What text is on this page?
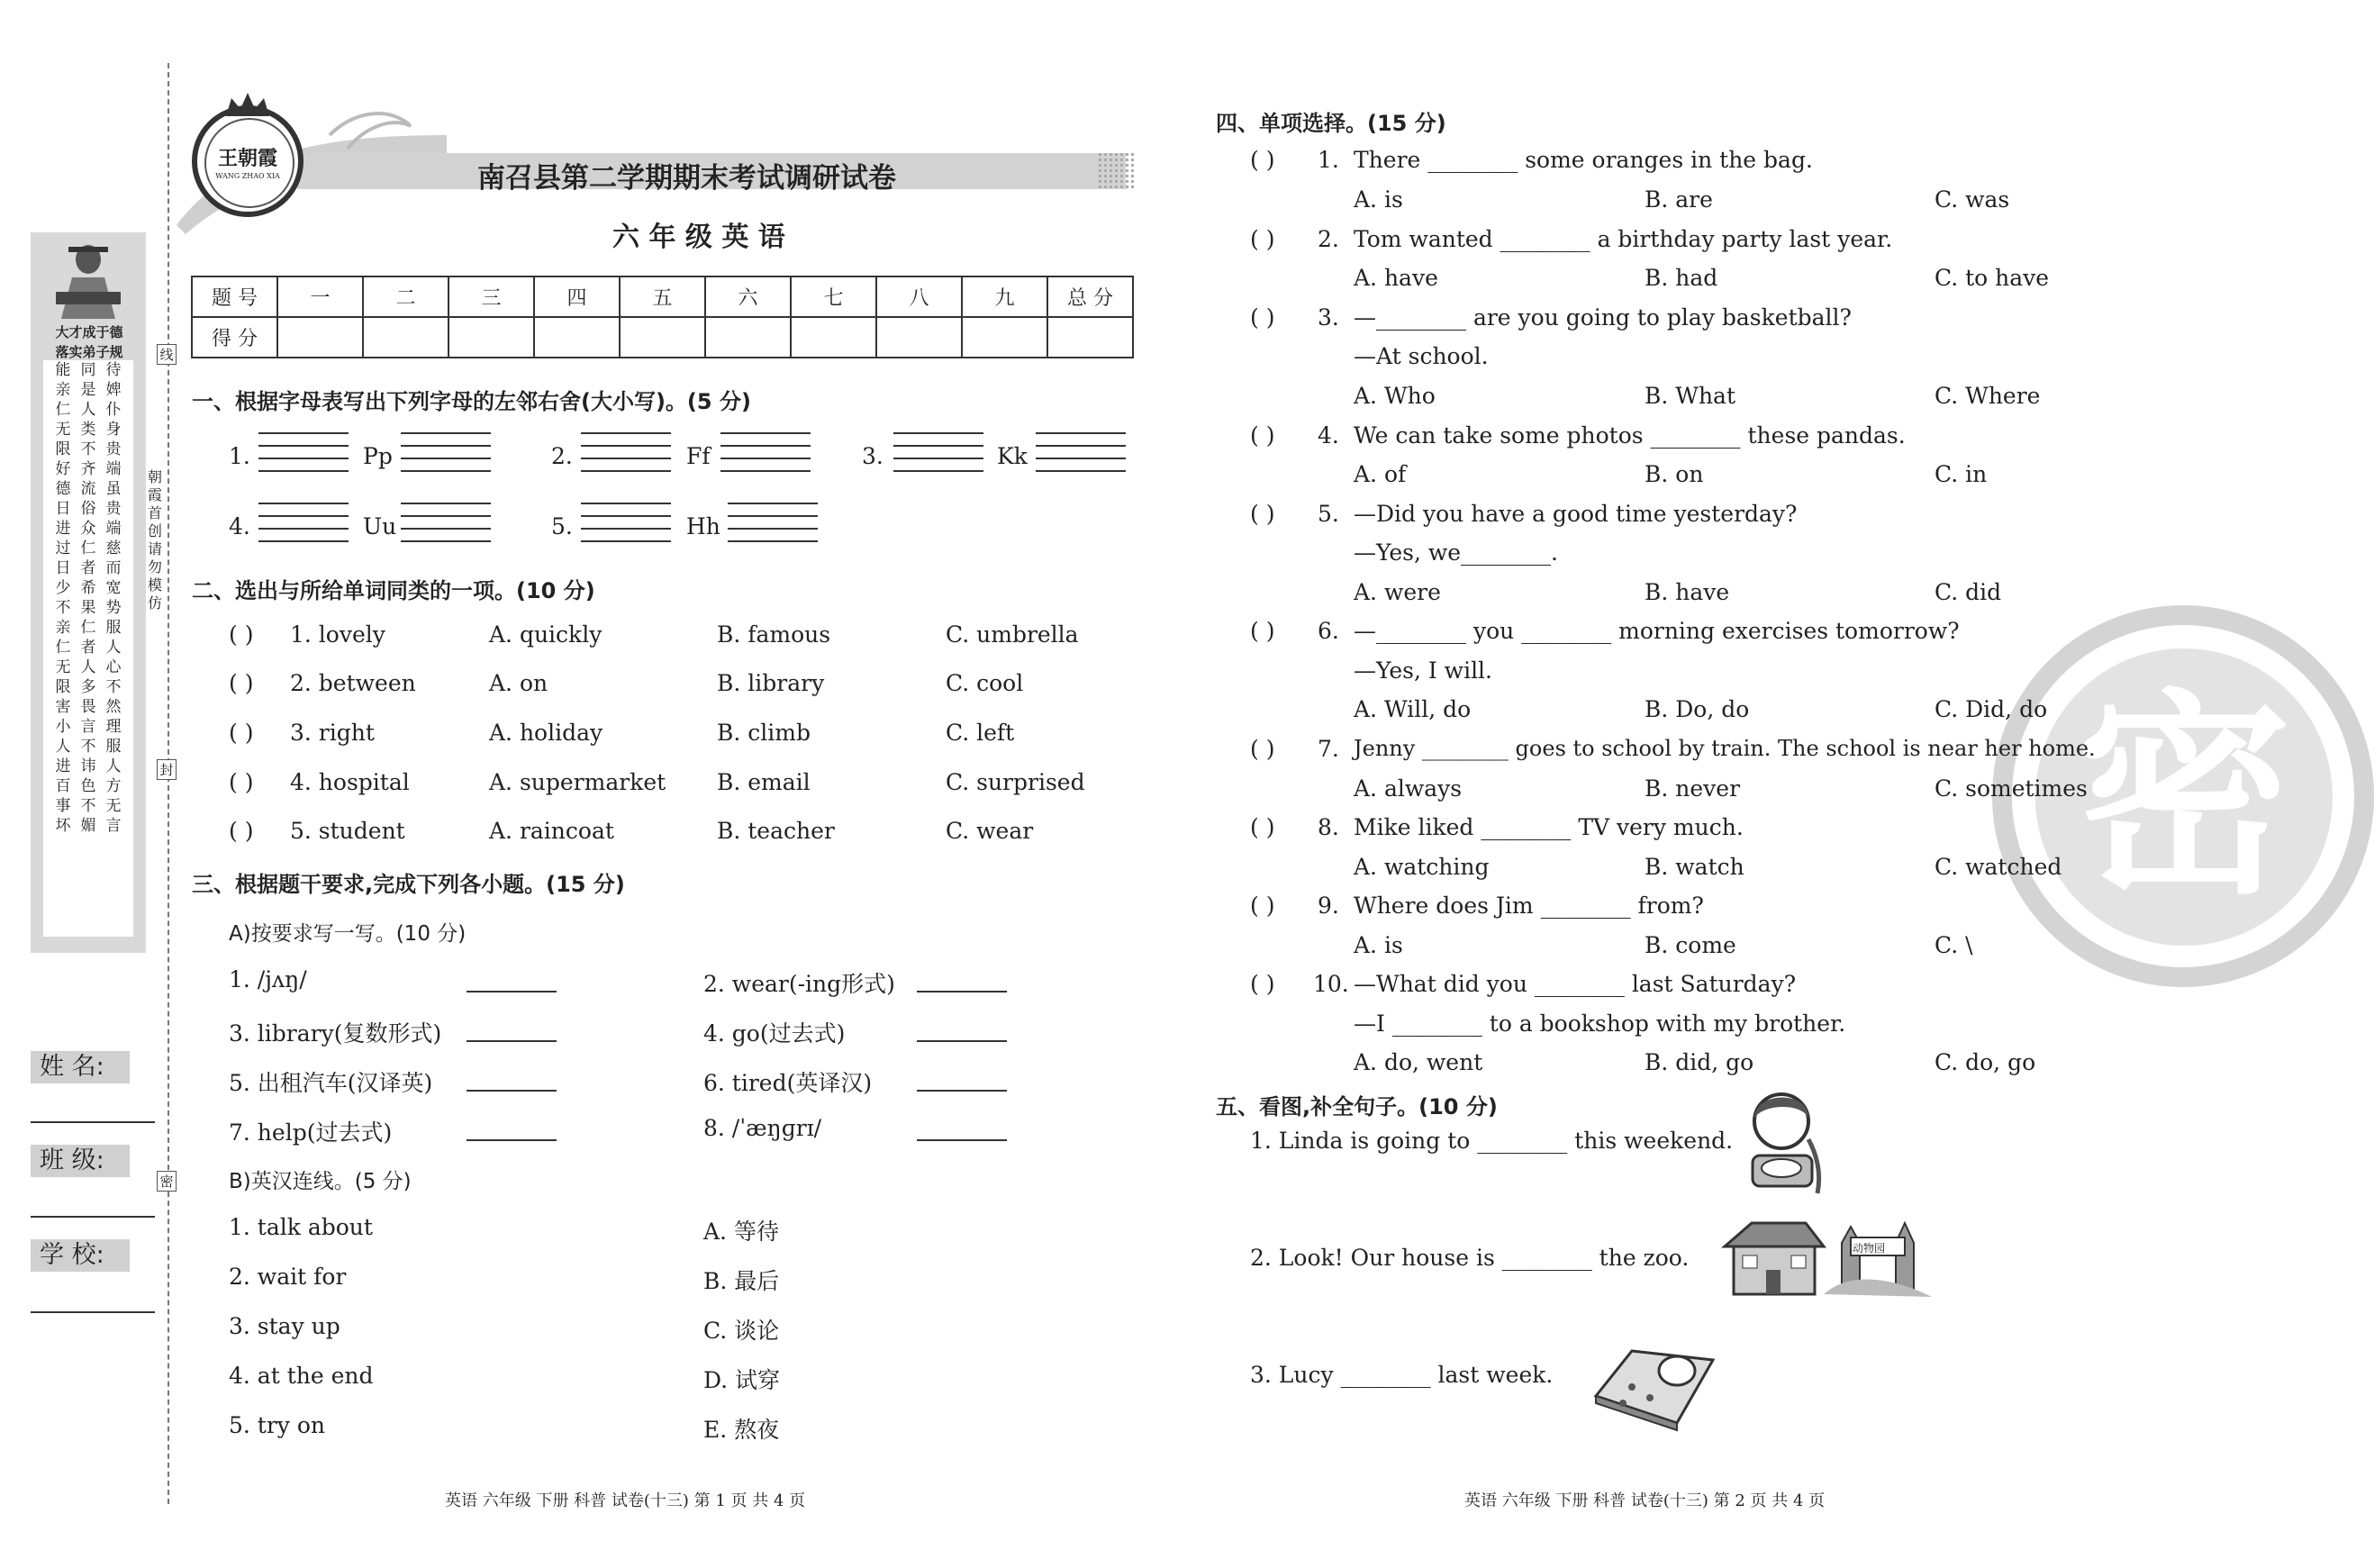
大才成于德
落实弟子规
能亲仁无限好德日进过日少不亲仁无限害小人进百事坏
同是人类不齐流俗众仁者希果仁者人多畏言不讳色不媚
待婢仆身贵端虽贵端慈而宽势服人心不然理服人方无言
朝霞首创 请勿模仿
线
封
密
姓 名:
班 级:
学 校:
王朝霞
WANG ZHAO XIA	南召县第二学期期末考试调研试卷
六 年 级 英 语
题 号	一	二	三	四	五	六	七	八	九	总 分
得 分										
一、根据字母表写出下列字母的左邻右舍(大小写)。(5 分)
1.	Pp	2.	Ff	3.	Kk
4.	Uu	5.	Hh
二、选出与所给单词同类的一项。(10 分)
( ) 1. lovely	A. quickly	B. famous	C. umbrella
( ) 2. between	A. on	B. library	C. cool
( ) 3. right	A. holiday	B. climb	C. left
( ) 4. hospital	A. supermarket B. email	C. surprised
( ) 5. student	A. raincoat	B. teacher	C. wear
三、根据题干要求,完成下列各小题。(15 分)
A)按要求写一写。(10 分)
1. /jʌŋ/	2. wear(-ing形式)
3. library(复数形式)	4. go(过去式)
5. 出租汽车(汉译英)	6. tired(英译汉)
7. help(过去式)	8. /ˈæŋɡrɪ/
B)英汉连线。(5 分)
1. talk about	A. 等待
2. wait for	B. 最后
3. stay up	C. 谈论
4. at the end	D. 试穿
5. try on	E. 熬夜
英语 六年级 下册 科普 试卷(十三) 第 1 页 共 4 页
密
四、单项选择。(15 分)
( ) 1. There ________ some oranges in the bag.
A. is	B. are	C. was
( ) 2. Tom wanted ________ a birthday party last year.
A. have	B. had	C. to have
( ) 3. —________ are you going to play basketball?
—At school.
A. Who	B. What	C. Where
( ) 4. We can take some photos ________ these pandas.
A. of	B. on	C. in
( ) 5. —Did you have a good time yesterday?
—Yes, we________.
A. were	B. have	C. did
( ) 6. —________ you ________ morning exercises tomorrow?
—Yes, I will.
A. Will, do	B. Do, do	C. Did, do
( ) 7. Jenny ________ goes to school by train. The school is near her home.
A. always	B. never	C. sometimes
( ) 8. Mike liked ________ TV very much.
A. watching	B. watch	C. watched
( ) 9. Where does Jim ________ from?
A. is	B. come	C. \
( ) 10. —What did you ________ last Saturday?
—I ________ to a bookshop with my brother.
A. do, went	B. did, go	C. do, go
五、看图,补全句子。(10 分)
1. Linda is going to ________ this weekend.
2. Look! Our house is ________ the zoo.	动物园
3. Lucy ________ last week.
英语 六年级 下册 科普 试卷(十三) 第 2 页 共 4 页
